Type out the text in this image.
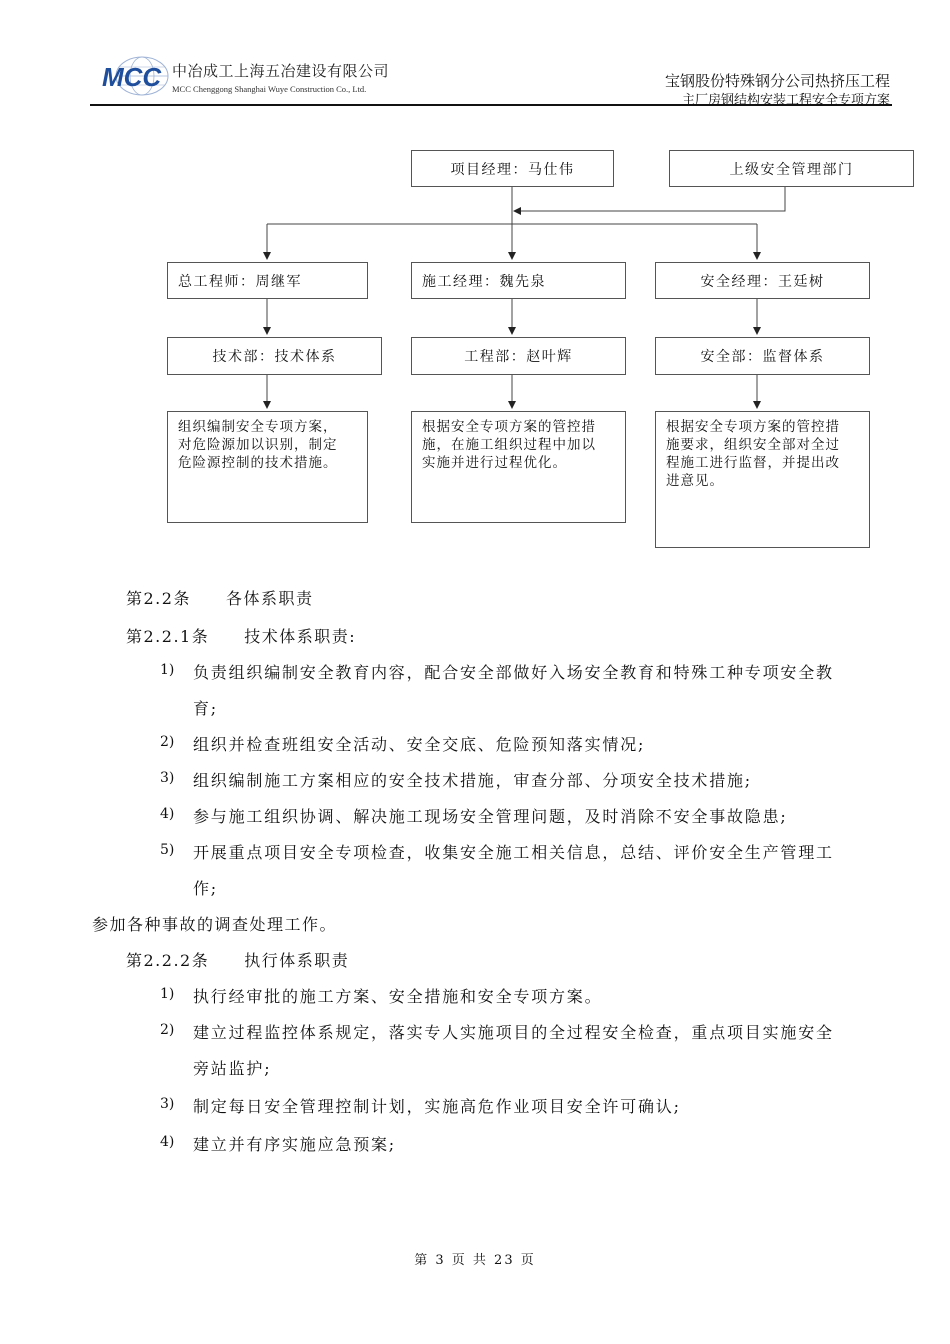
MCC 中冶成工上海五冶建设有限公司
MCC Chenggong Shanghai Wuye Construction Co., Ltd.	宝钢股份特殊钢分公司热挤压工程
主厂房钢结构安装工程安全专项方案
项目经理：马仕伟	上级安全管理部门
总工程师：周继军	施工经理：魏先泉	安全经理：王廷树
技术部：技术体系	工程部：赵叶辉	安全部：监督体系
组织编制安全专项方案，
对危险源加以识别，制定
危险源控制的技术措施。
根据安全专项方案的管控措
施，在施工组织过程中加以
实施并进行过程优化。
根据安全专项方案的管控措
施要求，组织安全部对全过
程施工进行监督，并提出改
进意见。
第2.2条　　各体系职责
第2.2.1条　　技术体系职责:
1) 负责组织编制安全教育内容，配合安全部做好入场安全教育和特殊工种专项安全教
育;
2) 组织并检查班组安全活动、安全交底、危险预知落实情况;
3) 组织编制施工方案相应的安全技术措施，审查分部、分项安全技术措施;
4) 参与施工组织协调、解决施工现场安全管理问题，及时消除不安全事故隐患;
5) 开展重点项目安全专项检查，收集安全施工相关信息，总结、评价安全生产管理工
作;
参加各种事故的调查处理工作。
第2.2.2条　　执行体系职责
1) 执行经审批的施工方案、安全措施和安全专项方案。
2) 建立过程监控体系规定，落实专人实施项目的全过程安全检查，重点项目实施安全
旁站监护;
3) 制定每日安全管理控制计划，实施高危作业项目安全许可确认;
4) 建立并有序实施应急预案;
第 3 页 共 23 页
